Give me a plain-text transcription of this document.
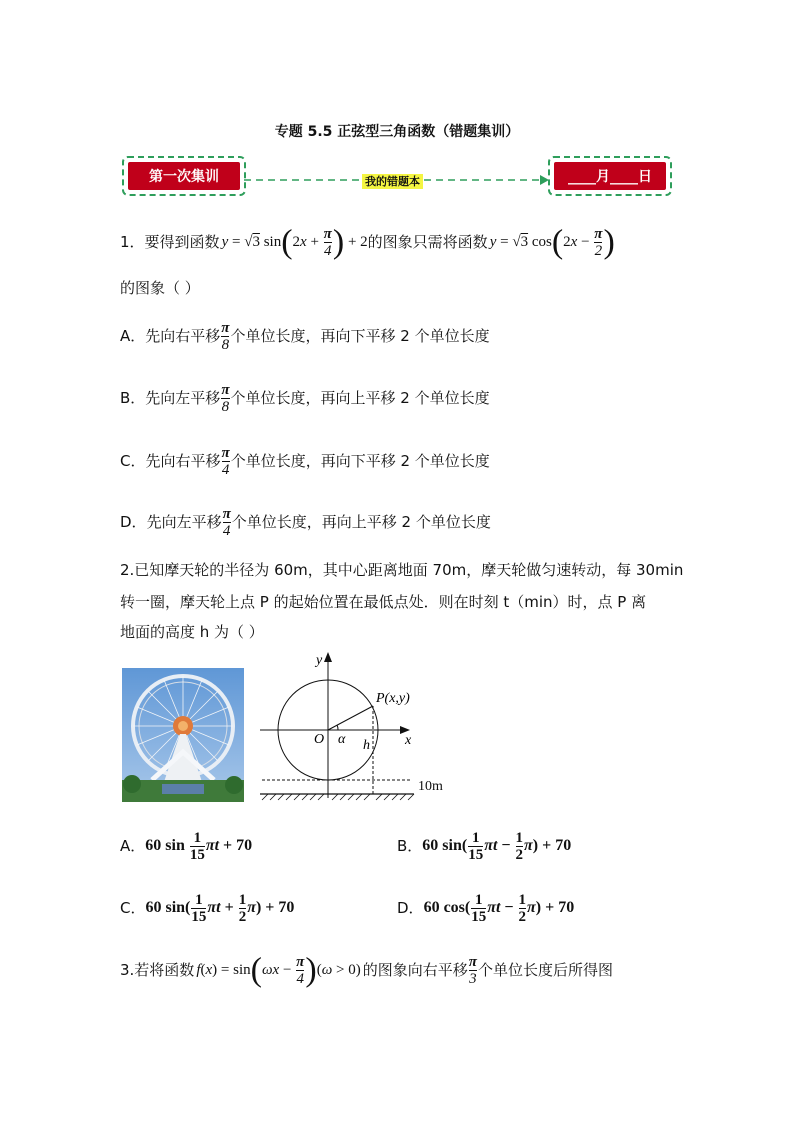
专题 5.5 正弦型三角函数（错题集训）
第一次集训	我的错题本	____月____日
1． 要得到函数 y = √3 $\sin(2x + \frac{\pi}{4}$ ) + 2 的图象只需将函数 y = √3 $\cos(2x - \frac{\pi}{2}$ )
的图象（ ）
A． 先向右平移 $\frac{\pi}{8}$ 个单位长度，再向下平移 2 个单位长度
B． 先向左平移 $\frac{\pi}{8}$ 个单位长度，再向上平移 2 个单位长度
C． 先向右平移 $\frac{\pi}{4}$ 个单位长度，再向下平移 2 个单位长度
D． 先向左平移 $\frac{\pi}{4}$ 个单位长度，再向上平移 2 个单位长度
2.已知摩天轮的半径为 60m，其中心距离地面 70m，摩天轮做匀速转动，每 30min
转一圈，摩天轮上点 P 的起始位置在最低点处．则在时刻 t（min）时，点 P 离
地面的高度 h 为（ ）
y
x
O α h
P(x,y)
10m
A． 60 $\sin \frac{1}{15}$ πt + 70	B． 60 $\sin( \frac{1}{15}$ $\pi t - \frac{1}{2} \pi) + 70$
C． 60 $\sin( \frac{1}{15}$ $\pi t + \frac{1}{2} \pi) + 70$	D． 60 $\cos( \frac{1}{15}$ $\pi t - \frac{1}{2} \pi) + 70$
3.若将函数 $f(x) = \sin(\omega x - \frac{\pi}{4} )(\omega > 0)$ 的图象向右平移 $\frac{\pi}{3}$ 个单位长度后所得图
